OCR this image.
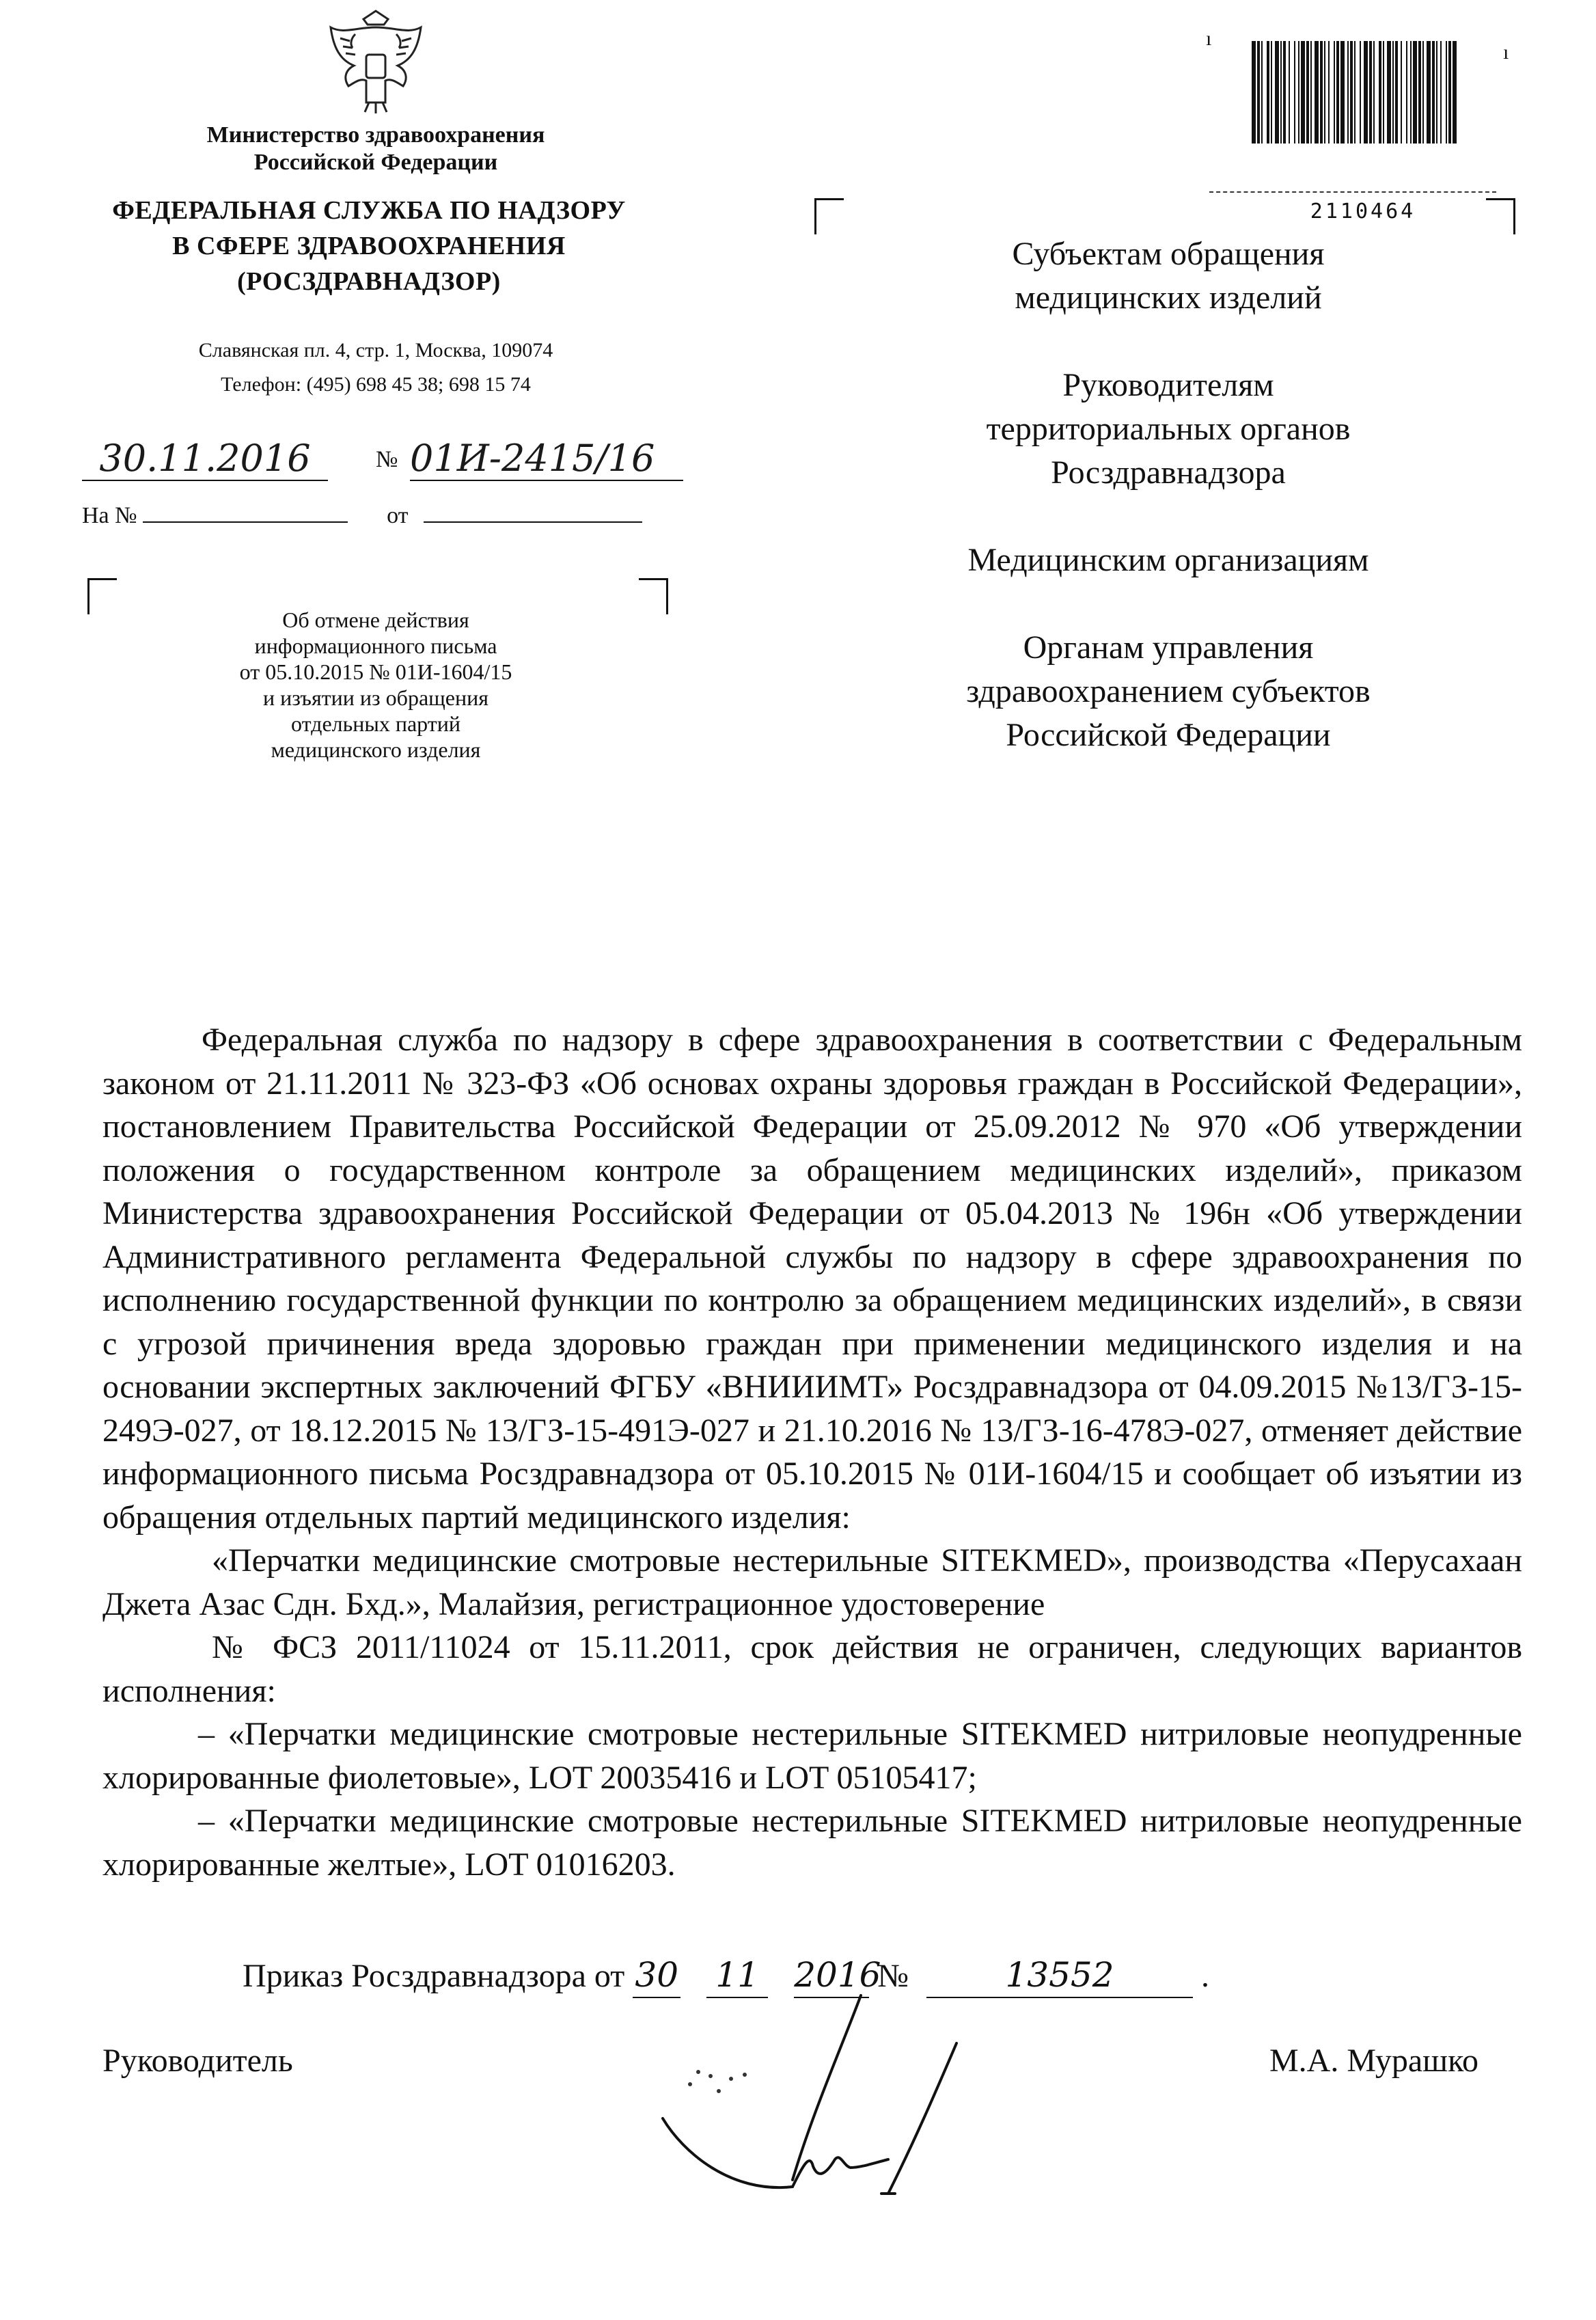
Министерство здравоохранения
Российской Федерации
ФЕДЕРАЛЬНАЯ СЛУЖБА ПО НАДЗОРУ
В СФЕРЕ ЗДРАВООХРАНЕНИЯ
(РОСЗДРАВНАДЗОР)
Славянская пл. 4, стр. 1, Москва, 109074
Телефон: (495) 698 45 38; 698 15 74
30.11.2016	№ 01И-2415/16
На №	от
Об отмене действия
информационного письма
от 05.10.2015 № 01И-1604/15
и изъятии из обращения
отдельных партий
медицинского изделия
ı
ı
2110464
Субъектам обращения
медицинских изделий
Руководителям
территориальных органов
Росздравнадзора
Медицинским организациям
Органам управления
здравоохранением субъектов
Российской Федерации

Федеральная служба по надзору в сфере здравоохранения в соответствии с Федеральным законом от 21.11.2011 № 323-ФЗ «Об основах охраны здоровья граждан в Российской Федерации», постановлением Правительства Российской Федерации от 25.09.2012 № 970 «Об утверждении положения о государственном контроле за обращением медицинских изделий», приказом Министерства здравоохранения Российской Федерации от 05.04.2013 № 196н «Об утверждении Административного регламента Федеральной службы по надзору в сфере здравоохранения по исполнению государственной функции по контролю за обращением медицинских изделий», в связи с угрозой причинения вреда здоровью граждан при применении медицинского изделия и на основании экспертных заключений ФГБУ «ВНИИИМТ» Росздравнадзора от 04.09.2015 №13/ГЗ-15-249Э-027, от 18.12.2015 № 13/ГЗ-15-491Э-027 и 21.10.2016 № 13/ГЗ-16-478Э-027, отменяет действие информационного письма Росздравнадзора от 05.10.2015 № 01И-1604/15 и сообщает об изъятии из обращения отдельных партий медицинского изделия:

«Перчатки медицинские смотровые нестерильные SITEKMED», производства «Перусахаан Джета Азас Сдн. Бхд.», Малайзия, регистрационное удостоверение

№ ФСЗ 2011/11024 от 15.11.2011, срок действия не ограничен, следующих вариантов исполнения:

– «Перчатки медицинские смотровые нестерильные SITEKMED нитриловые неопудренные хлорированные фиолетовые», LOT 20035416 и LOT 05105417;

– «Перчатки медицинские смотровые нестерильные SITEKMED нитриловые неопудренные хлорированные желтые», LOT 01016203.

Приказ Росздравнадзора от 30 11 2016 №	13552	.
Руководитель	М.А. Мурашко
